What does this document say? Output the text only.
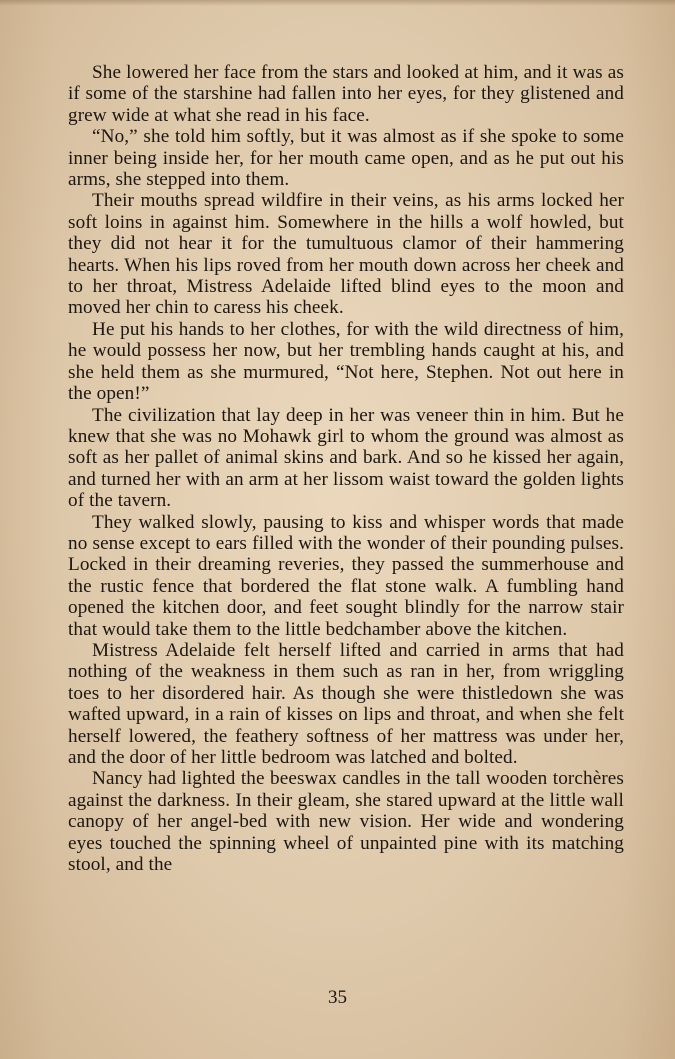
She lowered her face from the stars and looked at him, and it was as if some of the starshine had fallen into her eyes, for they glistened and grew wide at what she read in his face.

“No,” she told him softly, but it was almost as if she spoke to some inner being inside her, for her mouth came open, and as he put out his arms, she stepped into them.

Their mouths spread wildfire in their veins, as his arms locked her soft loins in against him. Somewhere in the hills a wolf howled, but they did not hear it for the tumultuous clamor of their hammering hearts. When his lips roved from her mouth down across her cheek and to her throat, Mistress Adelaide lifted blind eyes to the moon and moved her chin to caress his cheek.

He put his hands to her clothes, for with the wild directness of him, he would possess her now, but her trembling hands caught at his, and she held them as she murmured, “Not here, Stephen. Not out here in the open!”

The civilization that lay deep in her was veneer thin in him. But he knew that she was no Mohawk girl to whom the ground was almost as soft as her pallet of animal skins and bark. And so he kissed her again, and turned her with an arm at her lissom waist toward the golden lights of the tavern.

They walked slowly, pausing to kiss and whisper words that made no sense except to ears filled with the wonder of their pounding pulses. Locked in their dreaming reveries, they passed the summerhouse and the rustic fence that bordered the flat stone walk. A fumbling hand opened the kitchen door, and feet sought blindly for the narrow stair that would take them to the little bedchamber above the kitchen.

Mistress Adelaide felt herself lifted and carried in arms that had nothing of the weakness in them such as ran in her, from wriggling toes to her disordered hair. As though she were thistledown she was wafted upward, in a rain of kisses on lips and throat, and when she felt herself lowered, the feathery softness of her mattress was under her, and the door of her little bedroom was latched and bolted.

Nancy had lighted the beeswax candles in the tall wooden torchères against the darkness. In their gleam, she stared upward at the little wall canopy of her angel-bed with new vision. Her wide and wondering eyes touched the spinning wheel of unpainted pine with its matching stool, and the

35
